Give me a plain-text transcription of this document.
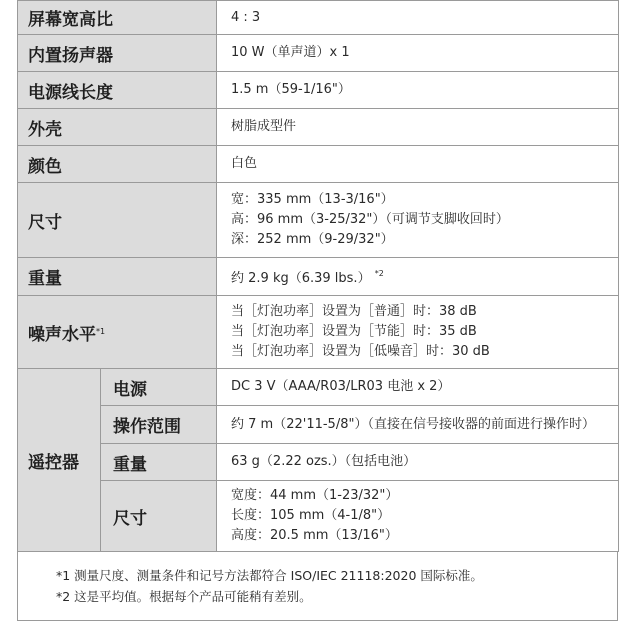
屏幕宽高比		4 : 3
内置扬声器		10 W（单声道）x 1
电源线长度		1.5 m（59-1/16"）
外壳		树脂成型件
颜色		白色
尺寸		宽：335 mm（13-3/16"）
高：96 mm（3-25/32"）（可调节支脚收回时）
深：252 mm（9-29/32"）

重量		约 2.9 kg（6.39 lbs.） $^{*2}$
噪声水平$^{*1}$		当［灯泡功率］设置为［普通］时：38 dB
当［灯泡功率］设置为［节能］时：35 dB
当［灯泡功率］设置为［低噪音］时：30 dB

遥控器	电源	DC 3 V（AAA/R03/LR03 电池 x 2）
	操作范围	约 7 m（22'11-5/8"）（直接在信号接收器的前面进行操作时）
	重量	63 g（2.22 ozs.）（包括电池）
	尺寸	宽度：44 mm（1-23/32"）
长度：105 mm（4-1/8"）
高度：20.5 mm（13/16"）
*1 测量尺度、测量条件和记号方法都符合 ISO/IEC 21118:2020 国际标准。
*2 这是平均值。根据每个产品可能稍有差别。
